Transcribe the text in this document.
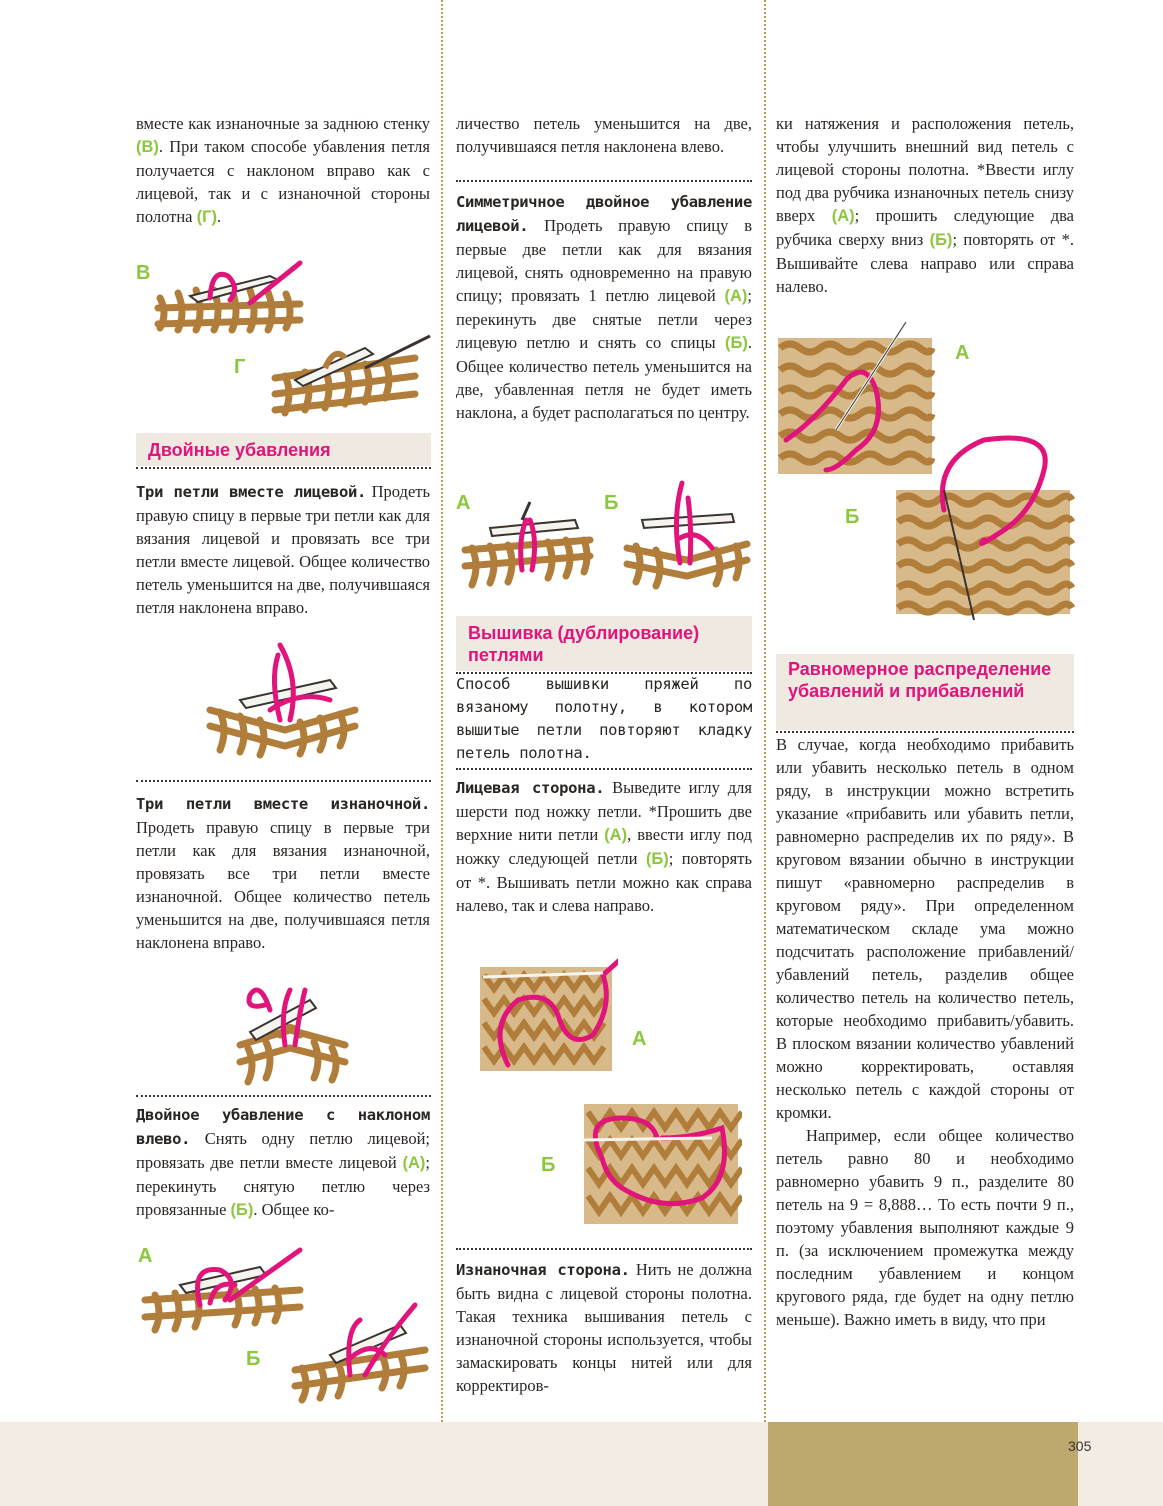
вместе как изнаночные за заднюю стенку (В). При таком способе убавления петля получается с наклоном вправо как с лицевой, так и с изнаночной стороны полотна (Г).

В
Г
Двойные убавления

Три петли вместе лицевой. Продеть правую спицу в первые три петли как для вязания лицевой и провязать все три петли вместе лицевой. Общее количество петель уменьшится на две, получившаяся петля наклонена вправо.

Три петли вместе изнаночной. Продеть правую спицу в первые три петли как для вязания изнаночной, провязать все три петли вместе изнаночной. Общее количество петель уменьшится на две, получившаяся петля наклонена вправо.

Двойное убавление с наклоном влево. Снять одну петлю лицевой; провязать две петли вместе лицевой (А); перекинуть снятую петлю через провязанные (Б). Общее ко-

А
Б

личество петель уменьшится на две, получившаяся петля наклонена влево.

Симметричное двойное убавление лицевой. Продеть правую спицу в первые две петли как для вязания лицевой, снять одновременно на правую спицу; провязать 1 петлю лицевой (А); перекинуть две снятые петли через лицевую петлю и снять со спицы (Б). Общее количество петель уменьшится на две, убавленная петля не будет иметь наклона, а будет располагаться по центру.

А	Б
Вышивка (дублирование) петлями

Способ вышивки пряжей по вязаному полотну, в котором вышитые петли повторяют кладку петель полотна.

Лицевая сторона. Выведите иглу для шерсти под ножку петли. *Прошить две верхние нити петли (А), ввести иглу под ножку следующей петли (Б); повторять от *. Вышивать петли можно как справа налево, так и слева направо.

А
Б

Изнаночная сторона. Нить не должна быть видна с лицевой стороны полотна. Такая техника вышивания петель с изнаночной стороны используется, чтобы замаскировать концы нитей или для корректиров-

ки натяжения и расположения петель, чтобы улучшить внешний вид петель с лицевой стороны полотна. *Ввести иглу под два рубчика изнаночных петель снизу вверх (А); прошить следующие два рубчика сверху вниз (Б); повторять от *. Вышивайте слева направо или справа налево.

А
Б
Равномерное распределение убавлений и прибавлений

В случае, когда необходимо прибавить или убавить несколько петель в одном ряду, в инструкции можно встретить указание «прибавить или убавить петли, равномерно распределив их по ряду». В круговом вязании обычно в инструкции пишут «равномерно распределив в круговом ряду». При определенном математическом складе ума можно подсчитать расположение прибавлений/убавлений петель, разделив общее количество петель на количество петель, которые необходимо прибавить/убавить. В плоском вязании количество убавлений можно корректировать, оставляя несколько петель с каждой стороны от кромки.

Например, если общее количество петель равно 80 и необходимо равномерно убавить 9 п., разделите 80 петель на 9 = 8,888… То есть почти 9 п., поэтому убавления выполняют каждые 9 п. (за исключением промежутка между последним убавлением и концом кругового ряда, где будет на одну петлю меньше). Важно иметь в виду, что при

305
